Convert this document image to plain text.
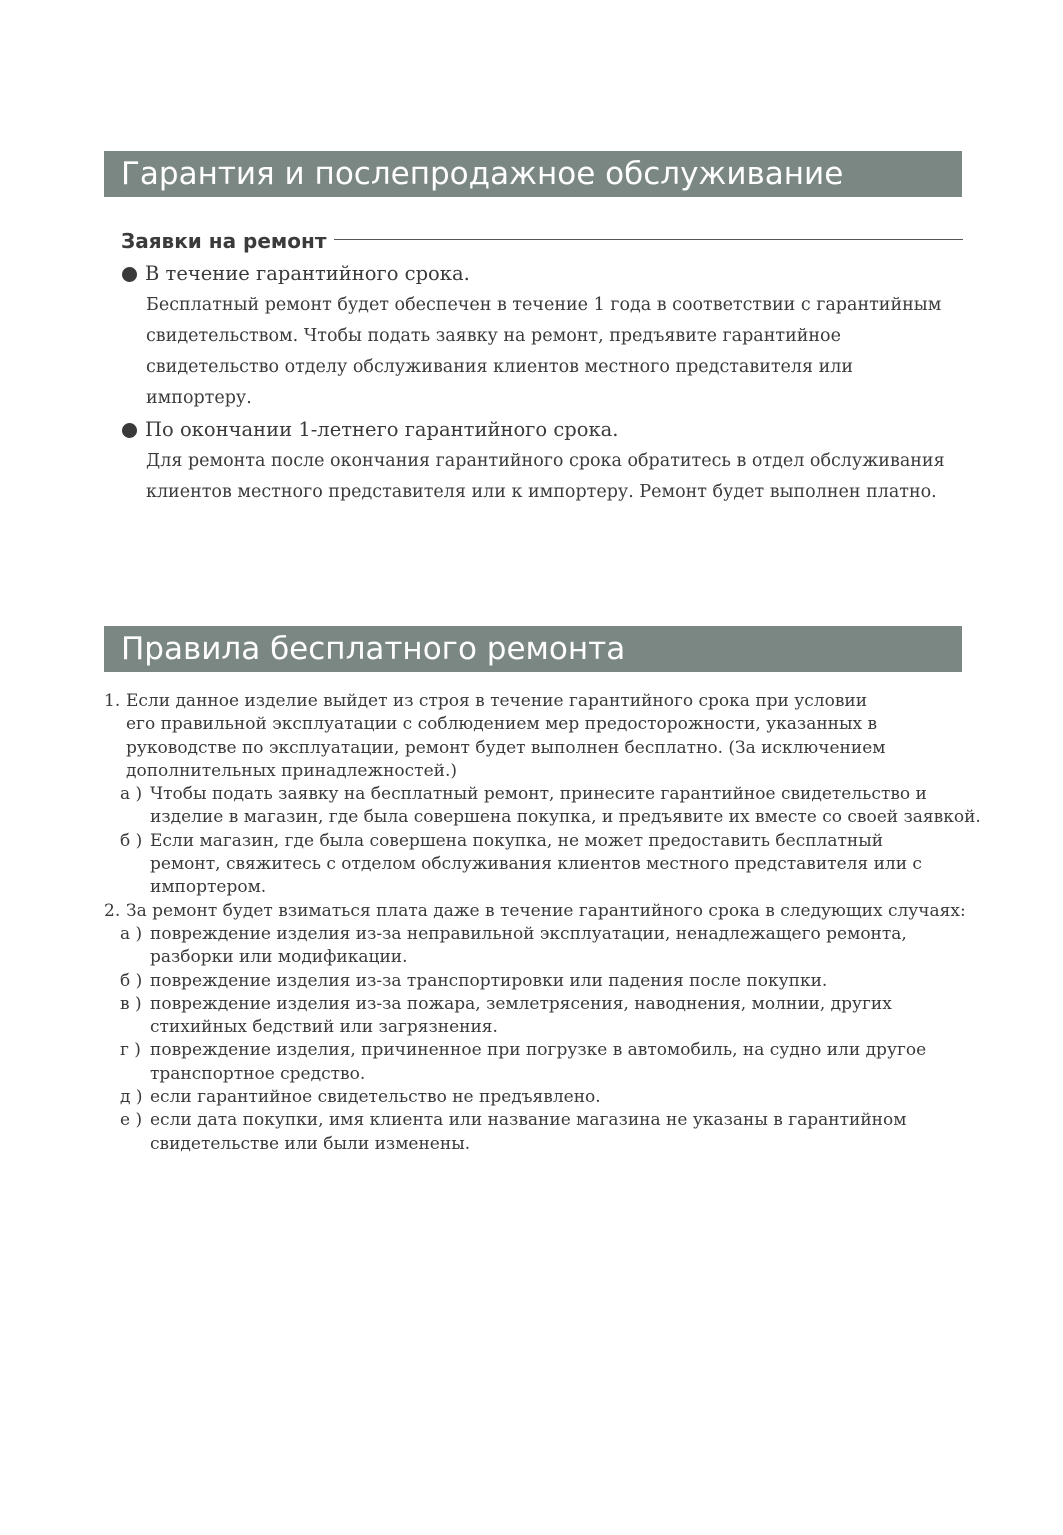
Гарантия и послепродажное обслуживание
Заявки на ремонт
В течение гарантийного срока.
Бесплатный ремонт будет обеспечен в течение 1 года в соответствии с гарантийным
свидетельством. Чтобы подать заявку на ремонт, предъявите гарантийное
свидетельство отделу обслуживания клиентов местного представителя или
импортеру.
По окончании 1-летнего гарантийного срока.
Для ремонта после окончания гарантийного срока обратитесь в отдел обслуживания
клиентов местного представителя или к импортеру. Ремонт будет выполнен платно.
Правила бесплатного ремонта
1. Если данное изделие выйдет из строя в течение гарантийного срока при условии
его правильной эксплуатации с соблюдением мер предосторожности, указанных в
руководстве по эксплуатации, ремонт будет выполнен бесплатно. (За исключением
дополнительных принадлежностей.)
а ) Чтобы подать заявку на бесплатный ремонт, принесите гарантийное свидетельство и
изделие в магазин, где была совершена покупка, и предъявите их вместе со своей заявкой.
б ) Если магазин, где была совершена покупка, не может предоставить бесплатный
ремонт, свяжитесь с отделом обслуживания клиентов местного представителя или с
импортером.
2. За ремонт будет взиматься плата даже в течение гарантийного срока в следующих случаях:
а ) повреждение изделия из-за неправильной эксплуатации, ненадлежащего ремонта,
разборки или модификации.
б ) повреждение изделия из-за транспортировки или падения после покупки.
в ) повреждение изделия из-за пожара, землетрясения, наводнения, молнии, других
стихийных бедствий или загрязнения.
г ) повреждение изделия, причиненное при погрузке в автомобиль, на судно или другое
транспортное средство.
д ) если гарантийное свидетельство не предъявлено.
е ) если дата покупки, имя клиента или название магазина не указаны в гарантийном
свидетельстве или были изменены.
